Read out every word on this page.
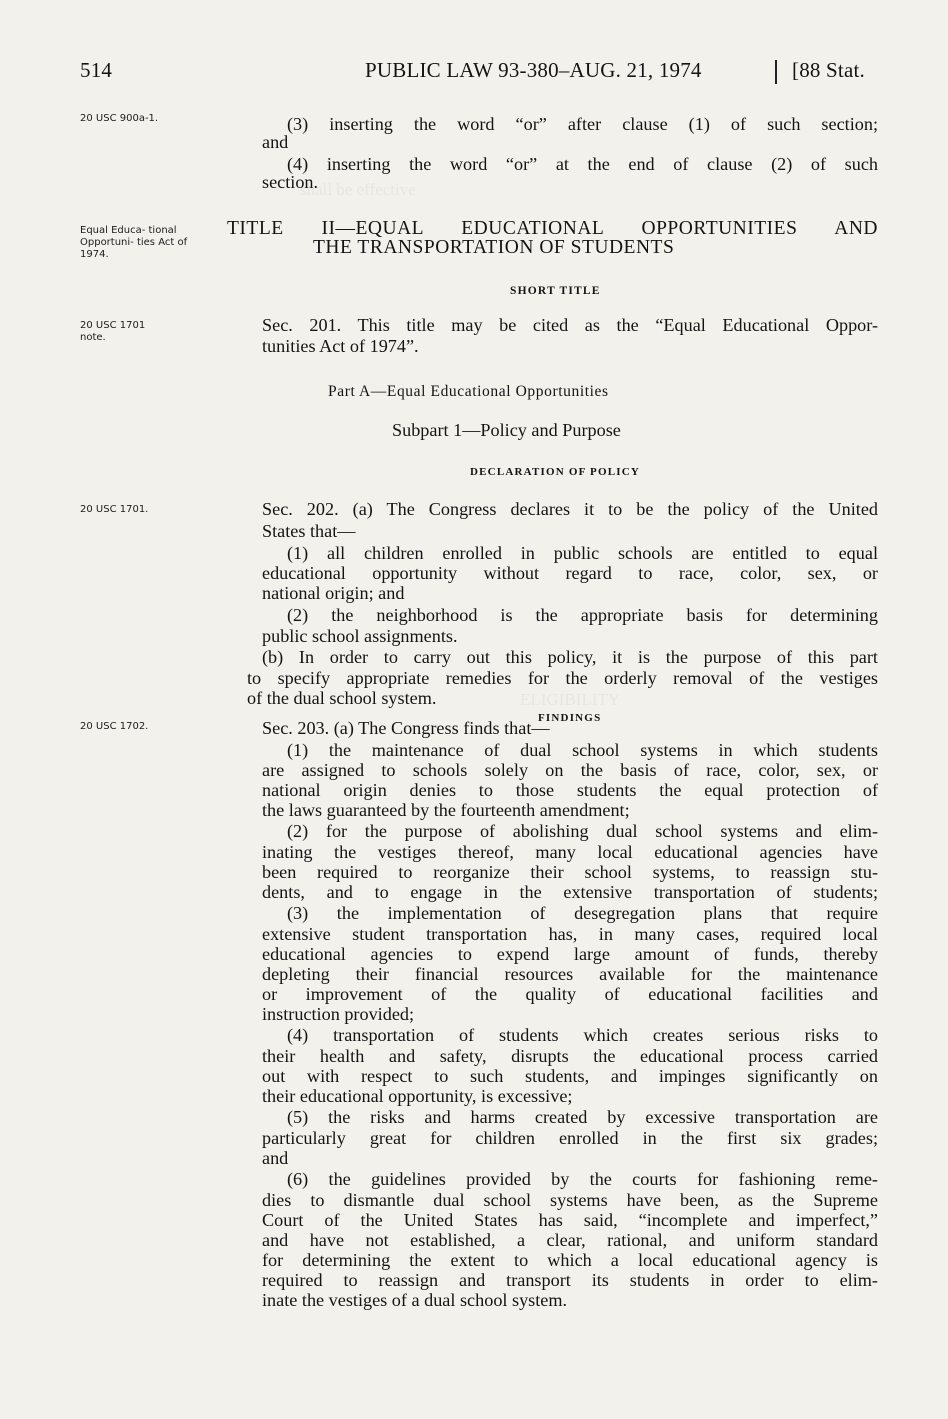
shall be effective
ELIGIBILITY
514	PUBLIC LAW 93-380–AUG. 21, 1974	[88 Stat.
20 USC 900a-1.
Equal Educa- tional Opportuni- ties Act of 1974.
20 USC 1701 note.
20 USC 1701.
20 USC 1702.
(3) inserting the word “or” after clause (1) of such section;
and
(4) inserting the word “or” at the end of clause (2) of such
section.
TITLE II—EQUAL EDUCATIONAL OPPORTUNITIES AND
THE TRANSPORTATION OF STUDENTS
SHORT TITLE
Sec. 201. This title may be cited as the “Equal Educational Oppor-
tunities Act of 1974”.
Part A—Equal Educational Opportunities
Subpart 1—Policy and Purpose
DECLARATION OF POLICY
Sec. 202. (a) The Congress declares it to be the policy of the United
States that—
(1) all children enrolled in public schools are entitled to equal
educational opportunity without regard to race, color, sex, or
national origin; and
(2) the neighborhood is the appropriate basis for determining
public school assignments.
(b) In order to carry out this policy, it is the purpose of this part
to specify appropriate remedies for the orderly removal of the vestiges
of the dual school system.
FINDINGS
Sec. 203. (a) The Congress finds that—
(1) the maintenance of dual school systems in which students
are assigned to schools solely on the basis of race, color, sex, or
national origin denies to those students the equal protection of
the laws guaranteed by the fourteenth amendment;
(2) for the purpose of abolishing dual school systems and elim-
inating the vestiges thereof, many local educational agencies have
been required to reorganize their school systems, to reassign stu-
dents, and to engage in the extensive transportation of students;
(3) the implementation of desegregation plans that require
extensive student transportation has, in many cases, required local
educational agencies to expend large amount of funds, thereby
depleting their financial resources available for the maintenance
or improvement of the quality of educational facilities and
instruction provided;
(4) transportation of students which creates serious risks to
their health and safety, disrupts the educational process carried
out with respect to such students, and impinges significantly on
their educational opportunity, is excessive;
(5) the risks and harms created by excessive transportation are
particularly great for children enrolled in the first six grades;
and
(6) the guidelines provided by the courts for fashioning reme-
dies to dismantle dual school systems have been, as the Supreme
Court of the United States has said, “incomplete and imperfect,”
and have not established, a clear, rational, and uniform standard
for determining the extent to which a local educational agency is
required to reassign and transport its students in order to elim-
inate the vestiges of a dual school system.
